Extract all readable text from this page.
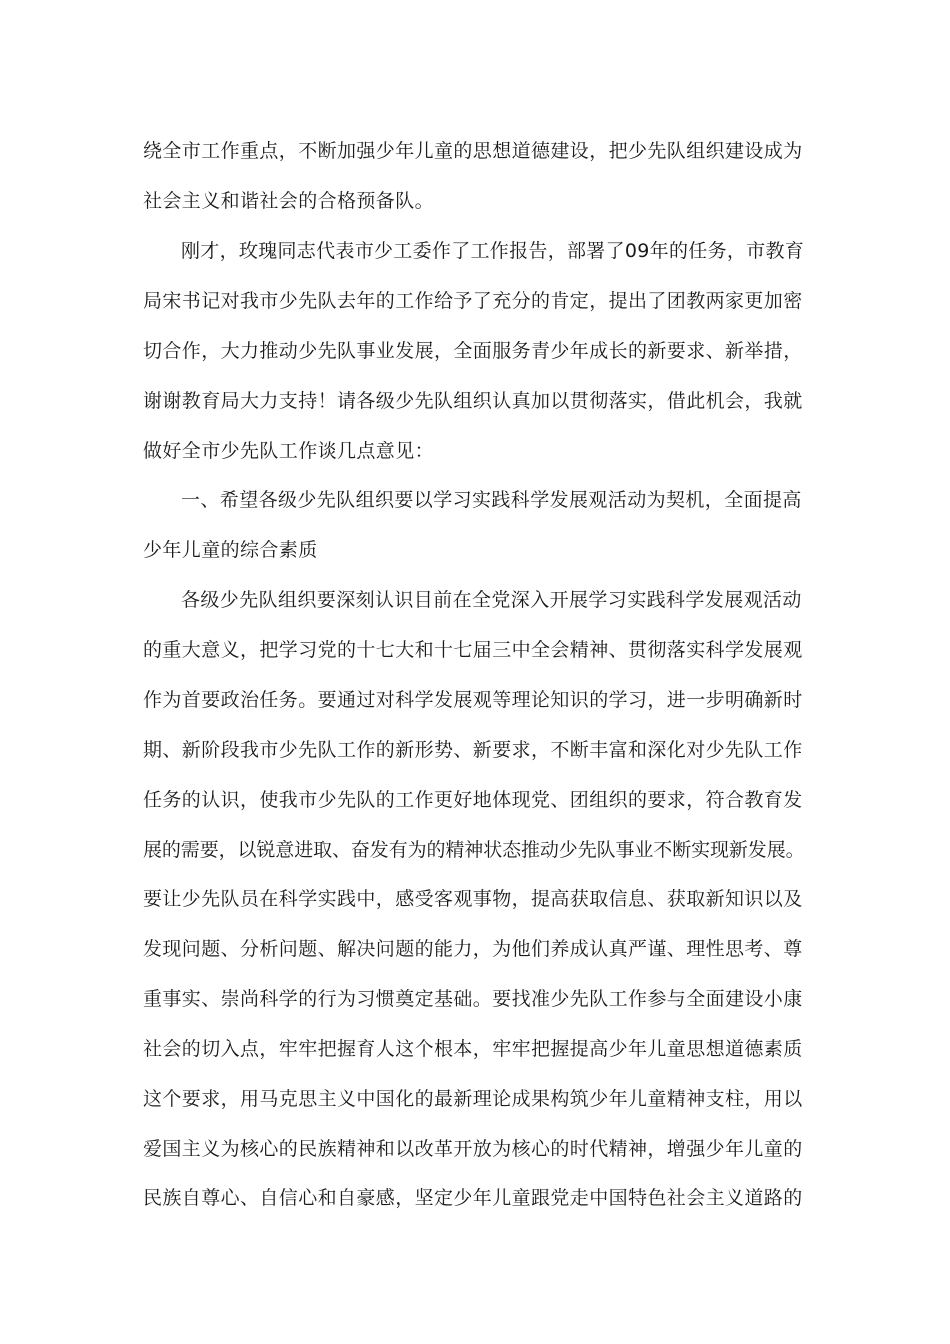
绕全市工作重点，不断加强少年儿童的思想道德建设，把少先队组织建设成为
社会主义和谐社会的合格预备队。
刚才，玫瑰同志代表市少工委作了工作报告，部署了09年的任务，市教育
局宋书记对我市少先队去年的工作给予了充分的肯定，提出了团教两家更加密
切合作，大力推动少先队事业发展，全面服务青少年成长的新要求、新举措，
谢谢教育局大力支持！请各级少先队组织认真加以贯彻落实，借此机会，我就
做好全市少先队工作谈几点意见：
一、希望各级少先队组织要以学习实践科学发展观活动为契机，全面提高
少年儿童的综合素质
各级少先队组织要深刻认识目前在全党深入开展学习实践科学发展观活动
的重大意义，把学习党的十七大和十七届三中全会精神、贯彻落实科学发展观
作为首要政治任务。要通过对科学发展观等理论知识的学习，进一步明确新时
期、新阶段我市少先队工作的新形势、新要求，不断丰富和深化对少先队工作
任务的认识，使我市少先队的工作更好地体现党、团组织的要求，符合教育发
展的需要，以锐意进取、奋发有为的精神状态推动少先队事业不断实现新发展。
要让少先队员在科学实践中，感受客观事物，提高获取信息、获取新知识以及
发现问题、分析问题、解决问题的能力，为他们养成认真严谨、理性思考、尊
重事实、崇尚科学的行为习惯奠定基础。要找准少先队工作参与全面建设小康
社会的切入点，牢牢把握育人这个根本，牢牢把握提高少年儿童思想道德素质
这个要求，用马克思主义中国化的最新理论成果构筑少年儿童精神支柱，用以
爱国主义为核心的民族精神和以改革开放为核心的时代精神，增强少年儿童的
民族自尊心、自信心和自豪感，坚定少年儿童跟党走中国特色社会主义道路的
